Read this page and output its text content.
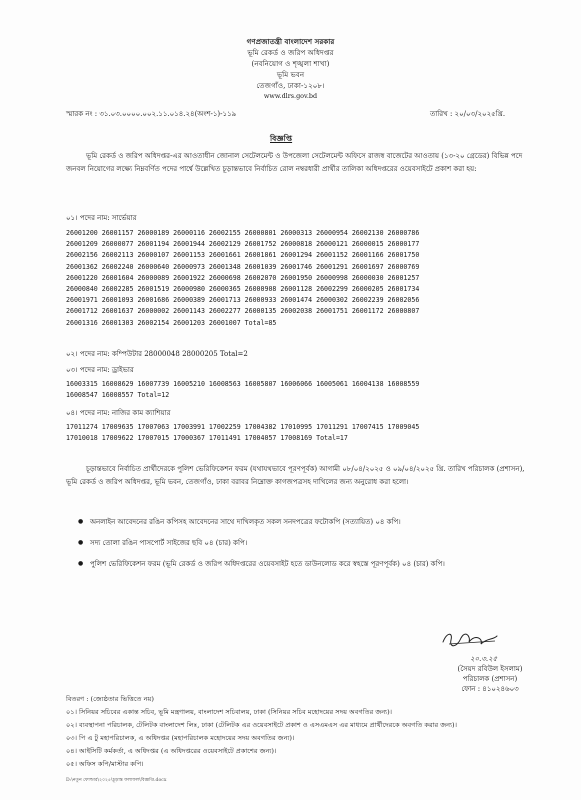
গণপ্রজাতন্ত্রী বাংলাদেশ সরকার
ভূমি রেকর্ড ও জরিপ অধিদপ্তর
(নবনিয়োগ ও শৃঙ্খলা শাখা)
ভূমি ভবন
তেজগাঁও, ঢাকা-১২০৮।
www.dlrs.gov.bd
স্মারক নং : ৩১.০৩.০০০০.০০২.১১.০১৪.২৪(অংশ-১)-১১৯	তারিখ : ২০/০৩/২০২৫খ্রি.
বিজ্ঞপ্তি
ভূমি রেকর্ড ও জরিপ অধিদপ্তর-এর আওতাধীন জোনাল সেটেলমেন্ট ও উপজেলা সেটেলমেন্ট অফিসে রাজস্ব বাজেটের আওতায় (১৩-২০ গ্রেডের) বিভিন্ন পদে জনবল নিয়োগের লক্ষ্যে নিম্নবর্ণিত পদের পার্শ্বে উল্লেখিত চূড়ান্তভাবে নির্বাচিত রোল নম্বরধারী প্রার্থীর তালিকা অধিদপ্তরের ওয়েবসাইটে প্রকাশ করা হয়:
০১। পদের নাম: সার্ভেয়ার
26001200 26001157 26000189 26000116 26002155 26000801 26000313 26000954 26002130 26000786
26001209 26000077 26001194 26001944 26002129 26001752 26000818 26000121 26000015 26000177
26002156 26002113 26000107 26001153 26001661 26001861 26001294 26001152 26001166 26001750
26001362 26002240 26000640 26000973 26001348 26001039 26001746 26001291 26001697 26000769
26001220 26001604 26000089 26001922 26000698 26002070 26001950 26000998 26000030 26001257
26000840 26002285 26001519 26000980 26000365 26000908 26001128 26002299 26000205 26001734
26001971 26001093 26001686 26000389 26001713 26000933 26001474 26000302 26002239 26002056
26001712 26001637 26000002 26001143 26002277 26000135 26002038 26001751 26001172 26000807
26001316 26001303 26002154 26001203 26001007 Total=85
০২। পদের নাম: কম্পিউটার 28000048 28000205 Total=2
০৩। পদের নাম: ড্রাইভার
16003315 16008629 16007739 16005210 16008563 16005807 16006066 16005061 16004138 16008559
16008547 16008557 Total=12
০৪। পদের নাম: নাজির কাম ক্যাশিয়ার
17011274 17009635 17007063 17003991 17002259 17004382 17010995 17011291 17007415 17009045
17010018 17009622 17007015 17000367 17011491 17004057 17008169 Total=17
চূড়ান্তভাবে নির্বাচিত প্রার্থীদেরকে পুলিশ ভেরিফিকেশন ফরম (যথাযথভাবে পূরণপূর্বক) আগামী ০৮/০৪/২০২৫ ও ০৯/০৪/২০২৫ খ্রি. তারিখ পরিচালক (প্রশাসন), ভূমি রেকর্ড ও জরিপ অধিদপ্তর, ভূমি ভবন, তেজগাঁও, ঢাকা বরাবর নিম্নোক্ত কাগজপত্রসহ দাখিলের জন্য অনুরোধ করা হলো।
● অনলাইন আবেদনের রঙিন কপিসহ আবেদনের সাথে দাখিলকৃত সকল সনদপত্রের ফটোকপি (সত্যায়িত) ০৪ কপি।
● সদ্য তোলা রঙিন পাসপোর্ট সাইজের ছবি ০৪ (চার) কপি।
● পুলিশ ভেরিফিকেশন ফরম (ভূমি রেকর্ড ও জরিপ অধিদপ্তরের ওয়েবসাইট হতে ডাউনলোড করে স্বহস্তে পূরণপূর্বক) ০৪ (চার) কপি।
২০.৩.২৫
(সৈয়দ রবিউল ইসলাম)
পরিচালক (প্রশাসন)
ফোন : ৪১০২৪৬০৩
বিতরণ : (জ্যেষ্ঠতার ভিত্তিতে নয়)
০১। সিনিয়র সচিবের একান্ত সচিব, ভূমি মন্ত্রণালয়, বাংলাদেশ সচিবালয়, ঢাকা (সিনিয়র সচিব মহোদয়ের সদয় অবগতির জন্য)।
০২। ব্যবস্থাপনা পরিচালক, টেলিটক বাংলাদেশ লিঃ, ঢাকা (টেলিটক এর ওয়েবসাইটে প্রকাশ ও এসএমএস এর মাধ্যমে প্রার্থীদেরকে অবগতি করার জন্য)।
০৩। পি এ টু মহাপরিচালক, এ অধিদপ্তর (মহাপরিচালক মহোদয়ের সদয় অবগতির জন্য)।
০৪। আইসিটি কর্মকর্তা, এ অধিদপ্তর (এ অধিদপ্তরের ওয়েবসাইটে প্রকাশের জন্য)।
০৫। অফিস কপি/মাস্টার কপি।
D:\নতুন ফোল্ডার\২০২৫\চূড়ান্ত ফলাফল\বিজ্ঞপ্তি.docx
